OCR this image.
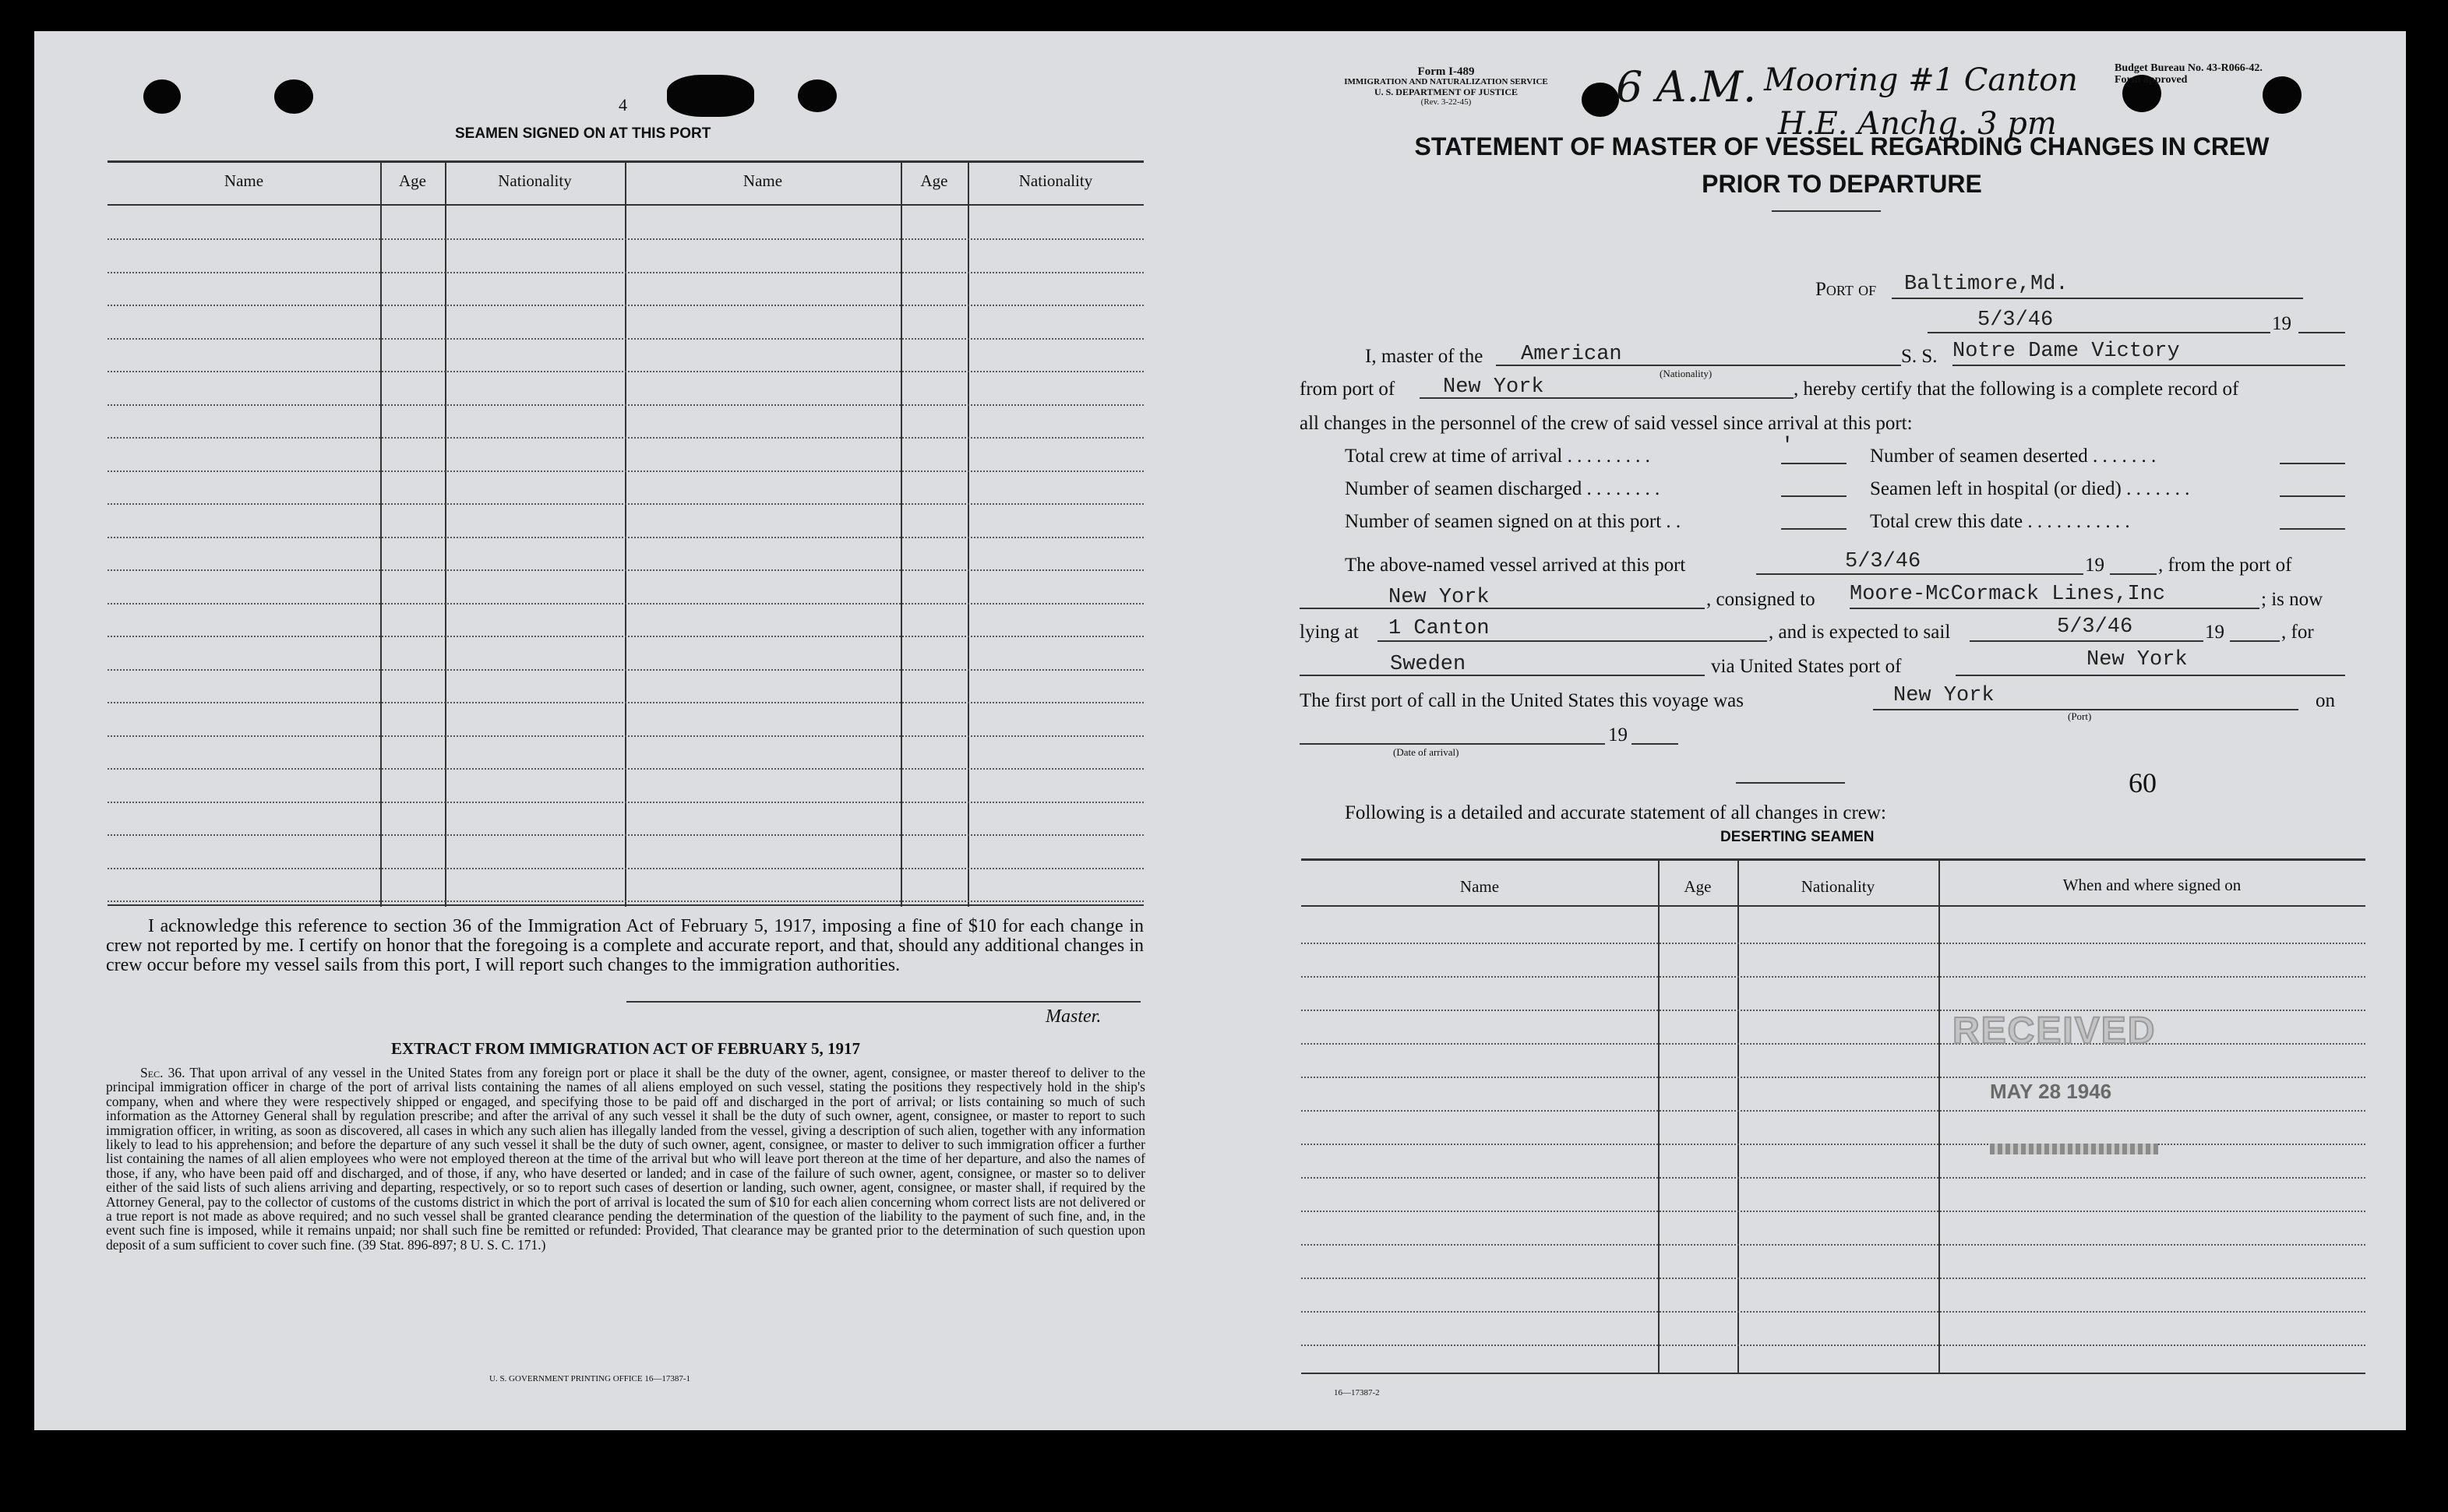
4
SEAMEN SIGNED ON AT THIS PORT
Name	Age	Nationality	Name	Age	Nationality
I acknowledge this reference to section 36 of the Immigration Act of February 5, 1917, imposing a fine of $10 for each change in crew not reported by me. I certify on honor that the foregoing is a complete and accurate report, and that, should any additional changes in crew occur before my vessel sails from this port, I will report such changes to the immigration authorities.
Master.
EXTRACT FROM IMMIGRATION ACT OF FEBRUARY 5, 1917
Sec. 36. That upon arrival of any vessel in the United States from any foreign port or place it shall be the duty of the owner, agent, consignee, or master thereof to deliver to the principal immigration officer in charge of the port of arrival lists containing the names of all aliens employed on such vessel, stating the positions they respectively hold in the ship's company, when and where they were respectively shipped or engaged, and specifying those to be paid off and discharged in the port of arrival; or lists containing so much of such information as the Attorney General shall by regulation prescribe; and after the arrival of any such vessel it shall be the duty of such owner, agent, consignee, or master to report to such immigration officer, in writing, as soon as discovered, all cases in which any such alien has illegally landed from the vessel, giving a description of such alien, together with any information likely to lead to his apprehension; and before the departure of any such vessel it shall be the duty of such owner, agent, consignee, or master to deliver to such immigration officer a further list containing the names of all alien employees who were not employed thereon at the time of the arrival but who will leave port thereon at the time of her departure, and also the names of those, if any, who have been paid off and discharged, and of those, if any, who have deserted or landed; and in case of the failure of such owner, agent, consignee, or master so to deliver either of the said lists of such aliens arriving and departing, respectively, or so to report such cases of desertion or landing, such owner, agent, consignee, or master shall, if required by the Attorney General, pay to the collector of customs of the customs district in which the port of arrival is located the sum of $10 for each alien concerning whom correct lists are not delivered or a true report is not made as above required; and no such vessel shall be granted clearance pending the determination of the question of the liability to the payment of such fine, and, in the event such fine is imposed, while it remains unpaid; nor shall such fine be remitted or refunded: Provided, That clearance may be granted prior to the determination of such question upon deposit of a sum sufficient to cover such fine. (39 Stat. 896-897; 8 U. S. C. 171.)
U. S. GOVERNMENT PRINTING OFFICE 16—17387-1
Form I-489
IMMIGRATION AND NATURALIZATION SERVICE
U. S. DEPARTMENT OF JUSTICE
(Rev. 3-22-45)
Budget Bureau No. 43-R066-42.
Form approved
6 A.M. Mooring #1 Canton
H.E. Anchg. 3 pm
STATEMENT OF MASTER OF VESSEL REGARDING CHANGES IN CREW
PRIOR TO DEPARTURE
Port of Baltimore,Md.
5/3/46	19
I, master of the American
(Nationality)
S. S. Notre Dame Victory
from port of New York	, hereby certify that the following is a complete record of
all changes in the personnel of the crew of said vessel since arrival at this port:
Total crew at time of arrival . . . . . . . . .	'	Number of seamen deserted . . . . . . .
Number of seamen discharged . . . . . . . .	Seamen left in hospital (or died) . . . . . . .
Number of seamen signed on at this port . .	Total crew this date . . . . . . . . . . .
The above-named vessel arrived at this port	5/3/46	19	, from the port of
New York	, consigned to Moore-McCormack Lines,Inc	; is now
lying at 1 Canton	, and is expected to sail	5/3/46	19	, for
Sweden	via United States port of	New York
The first port of call in the United States this voyage was	New York
(Port)
on
19
(Date of arrival)
60
Following is a detailed and accurate statement of all changes in crew:
DESERTING SEAMEN
Name	Age	Nationality	When and where signed on
RECEIVED
MAY 28 1946
16—17387-2
